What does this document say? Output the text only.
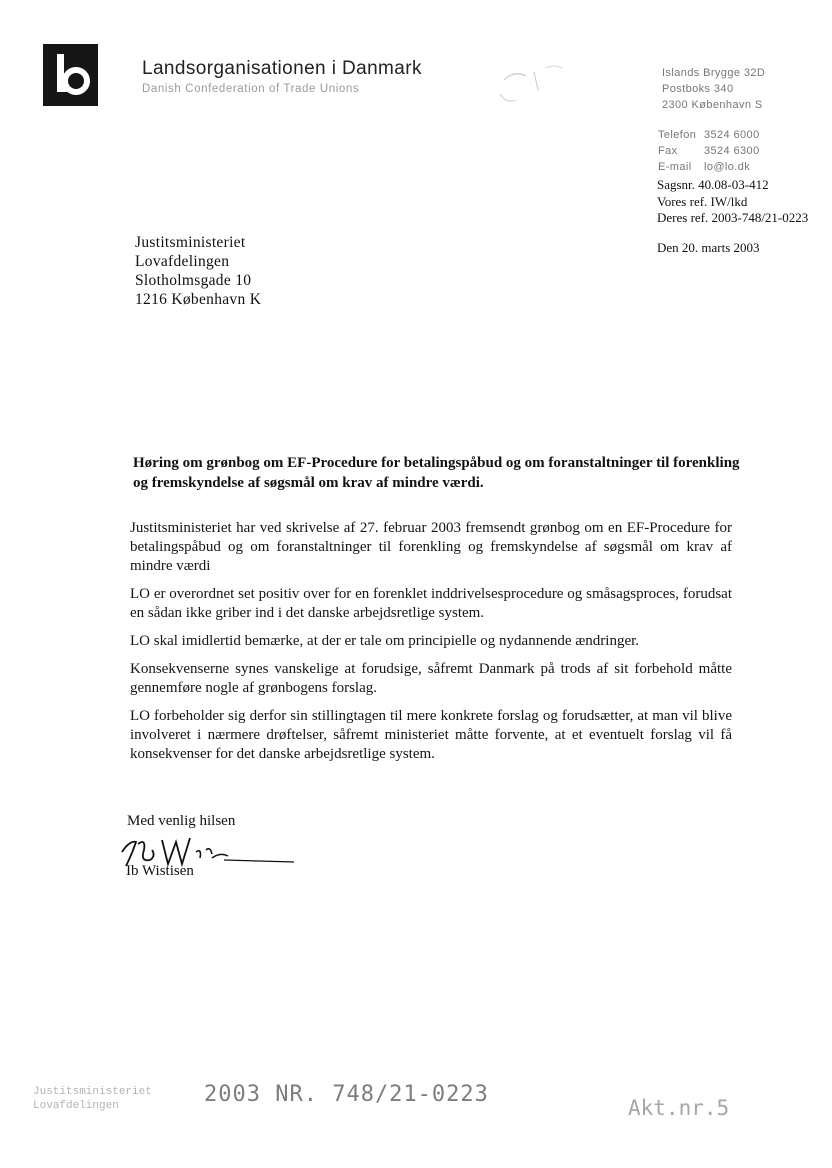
Landsorganisationen i Danmark
Danish Confederation of Trade Unions
Islands Brygge 32D
Postboks 340
2300 København S
Telefon 3524 6000
Fax 3524 6300
E-mail lo@lo.dk
Sagsnr. 40.08-03-412
Vores ref. IW/lkd
Deres ref. 2003-748/21-0223
Den 20. marts 2003
Justitsministeriet
Lovafdelingen
Slotholmsgade 10
1216 København K
Høring om grønbog om EF-Procedure for betalingspåbud og om foranstaltninger til forenkling og fremskyndelse af søgsmål om krav af mindre værdi.

Justitsministeriet har ved skrivelse af 27. februar 2003 fremsendt grønbog om en EF-Procedure for betalingspåbud og om foranstaltninger til forenkling og fremskyndelse af søgsmål om krav af mindre værdi

LO er overordnet set positiv over for en forenklet inddrivelsesprocedure og småsagsproces, forudsat en sådan ikke griber ind i det danske arbejdsretlige system.

LO skal imidlertid bemærke, at der er tale om principielle og nydannende ændringer.

Konsekvenserne synes vanskelige at forudsige, såfremt Danmark på trods af sit forbehold måtte gennemføre nogle af grønbogens forslag.

LO forbeholder sig derfor sin stillingtagen til mere konkrete forslag og forudsætter, at man vil blive involveret i nærmere drøftelser, såfremt ministeriet måtte forvente, at et eventuelt forslag vil få konsekvenser for det danske arbejdsretlige system.

Med venlig hilsen
Ib Wistisen
Justitsministeriet
Lovafdelingen	2003 NR. 748/21-0223
Akt.nr.5
